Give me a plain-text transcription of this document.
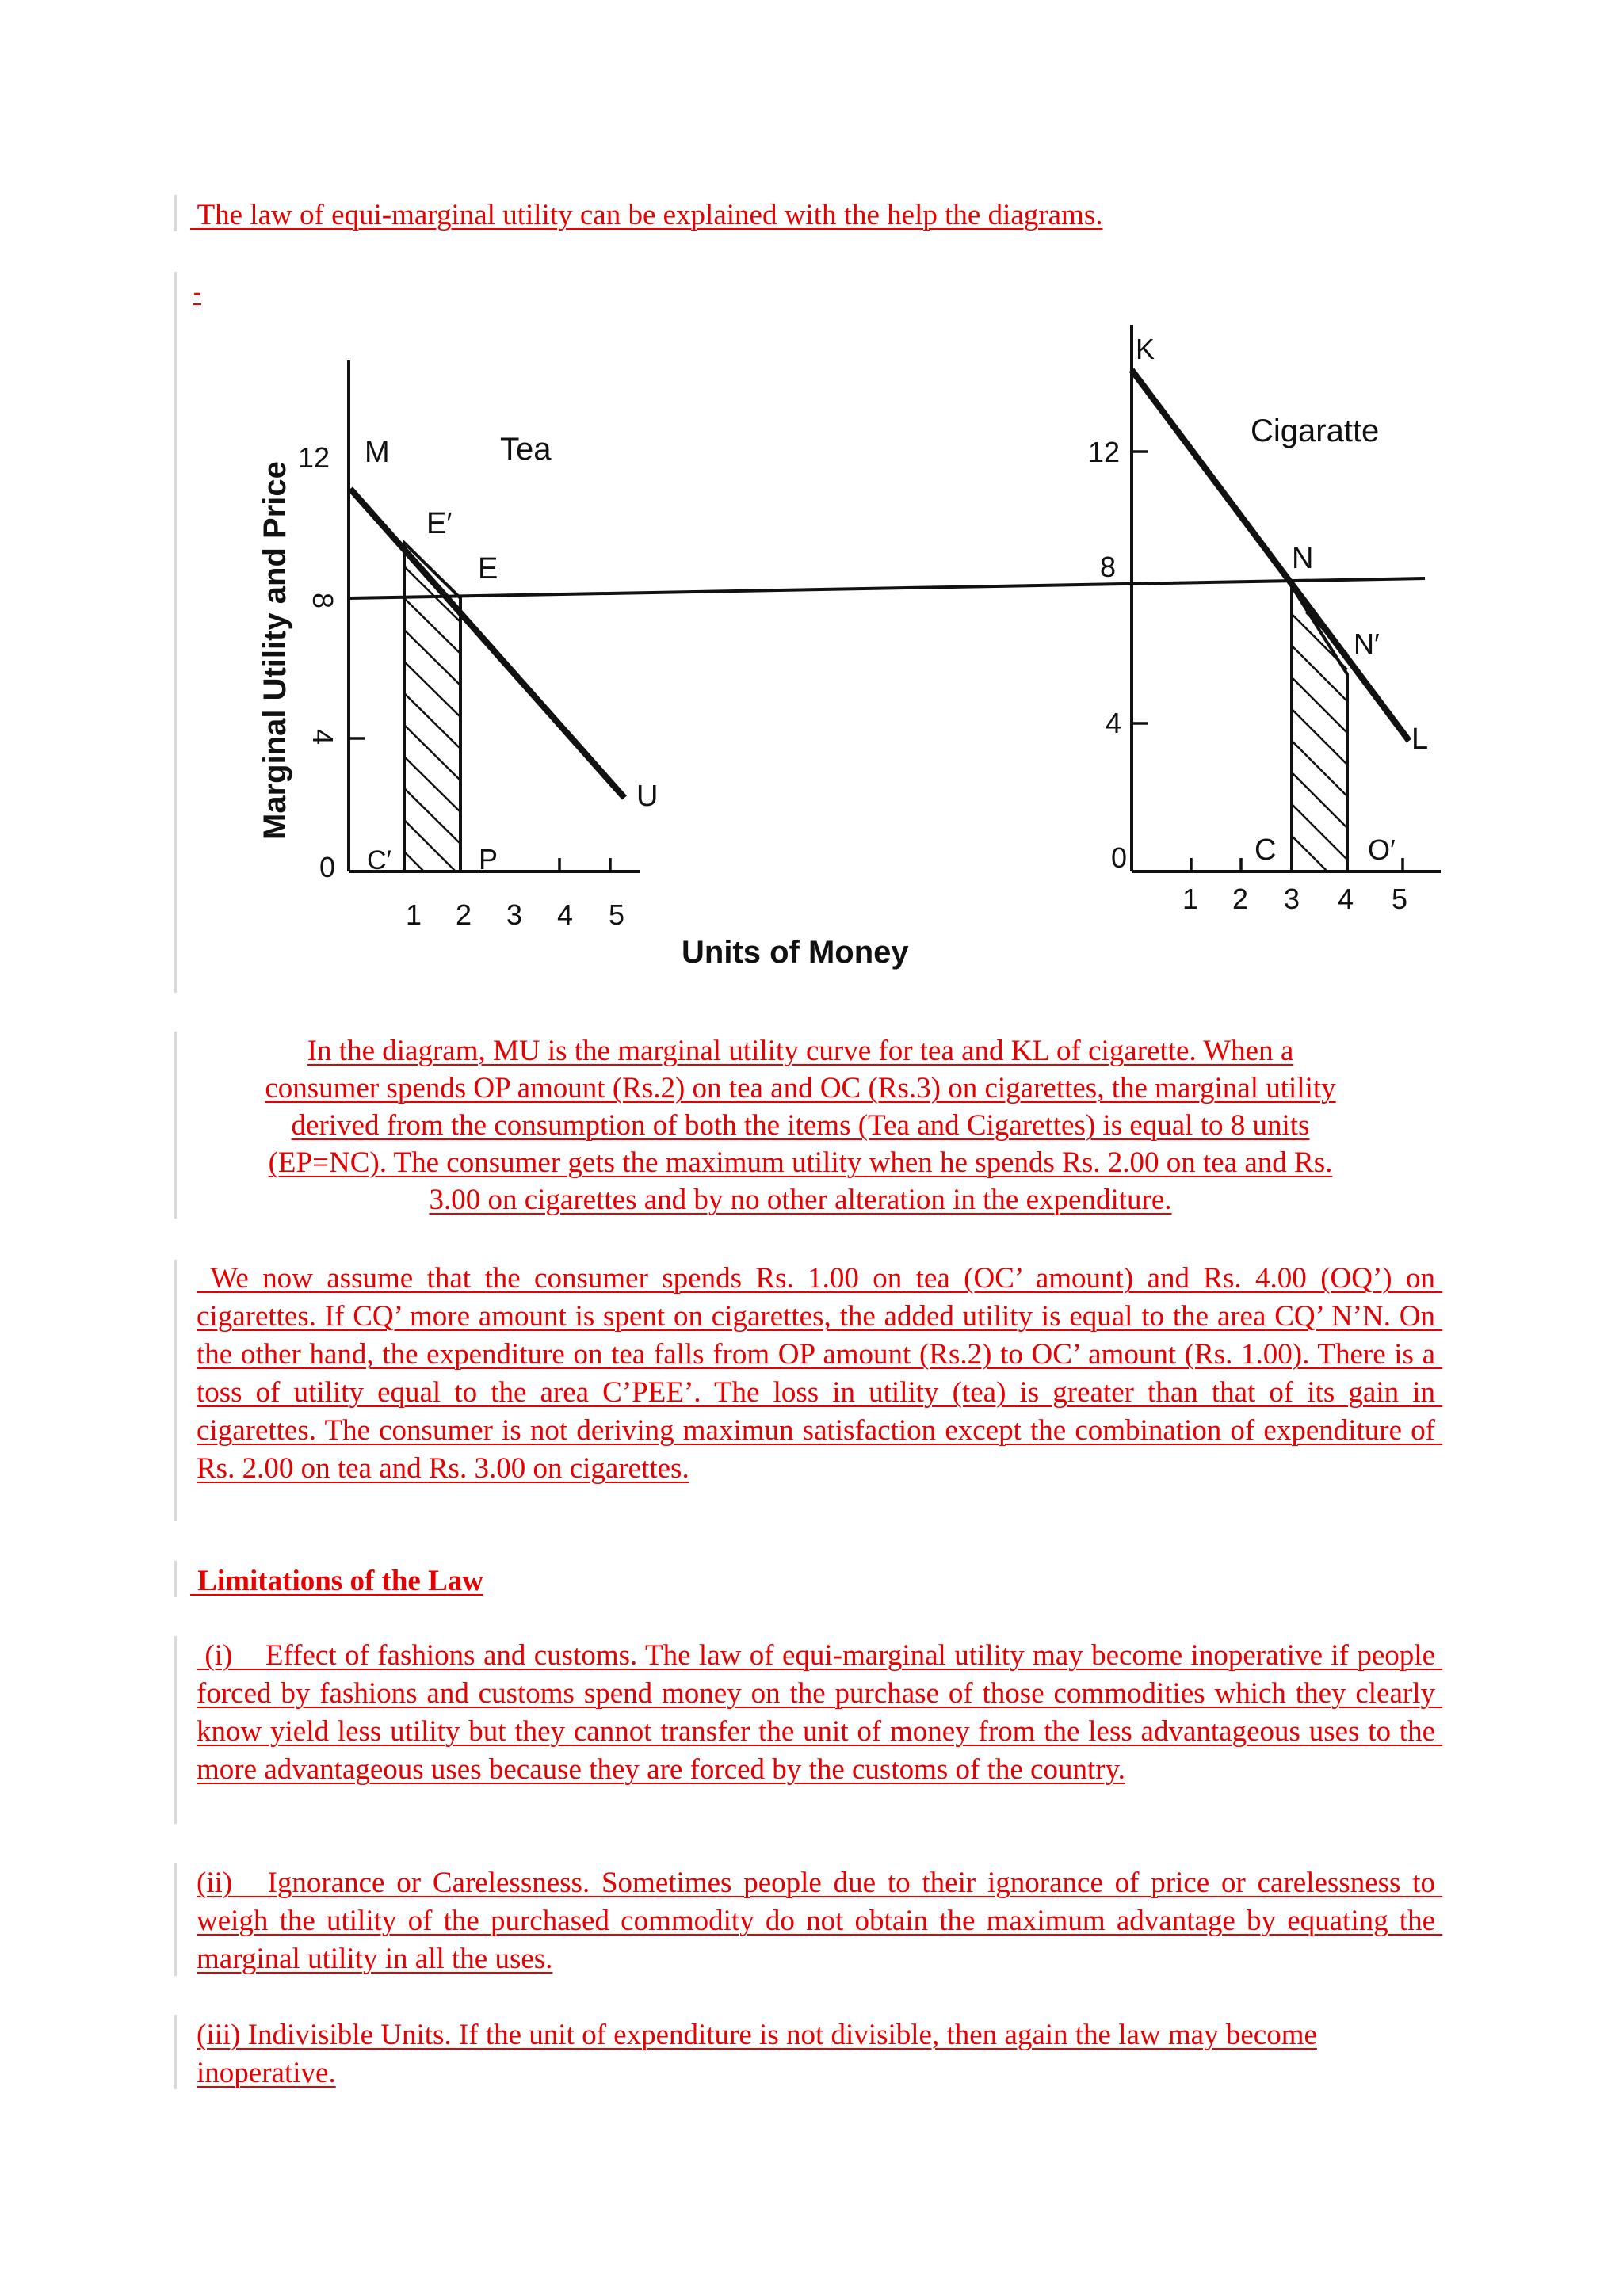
The law of equi-marginal utility can be explained with the help the diagrams.

-

12
8
4
0
M	Tea
E′
E
U
C′	P
1 2 3 4 5
K
12
8
4
0
Cigaratte
N
N′
L
C	O′
1 2 3 4 5
Units of Money
Marginal Utility and Price

In the diagram, MU is the marginal utility curve for tea and KL of cigarette. When a

consumer spends OP amount (Rs.2) on tea and OC (Rs.3) on cigarettes, the marginal utility

derived from the consumption of both the items (Tea and Cigarettes) is equal to 8 units

(EP=NC). The consumer gets the maximum utility when he spends Rs. 2.00 on tea and Rs.

3.00 on cigarettes and by no other alteration in the expenditure.

We now assume that the consumer spends Rs. 1.00 on tea (OC’ amount) and Rs. 4.00 (OQ’) on cigarettes. If CQ’ more amount is spent on cigarettes, the added utility is equal to the area CQ’ N’N. On the other hand, the expenditure on tea falls from OP amount (Rs.2) to OC’ amount (Rs. 1.00). There is a toss of utility equal to the area C’PEE’. The loss in utility (tea) is greater than that of its gain in cigarettes. The consumer is not deriving maximun satisfaction except the combination of expenditure of Rs. 2.00 on tea and Rs. 3.00 on cigarettes.

Limitations of the Law

(i)    Effect of fashions and customs. The law of equi-marginal utility may become inoperative if people forced by fashions and customs spend money on the purchase of those commodities which they clearly know yield less utility but they cannot transfer the unit of money from the less advantageous uses to the more advantageous uses because they are forced by the customs of the country.

(ii)   Ignorance or Carelessness. Sometimes people due to their ignorance of price or carelessness to weigh the utility of the purchased commodity do not obtain the maximum advantage by equating the marginal utility in all the uses.

(iii) Indivisible Units. If the unit of expenditure is not divisible, then again the law may become inoperative.
